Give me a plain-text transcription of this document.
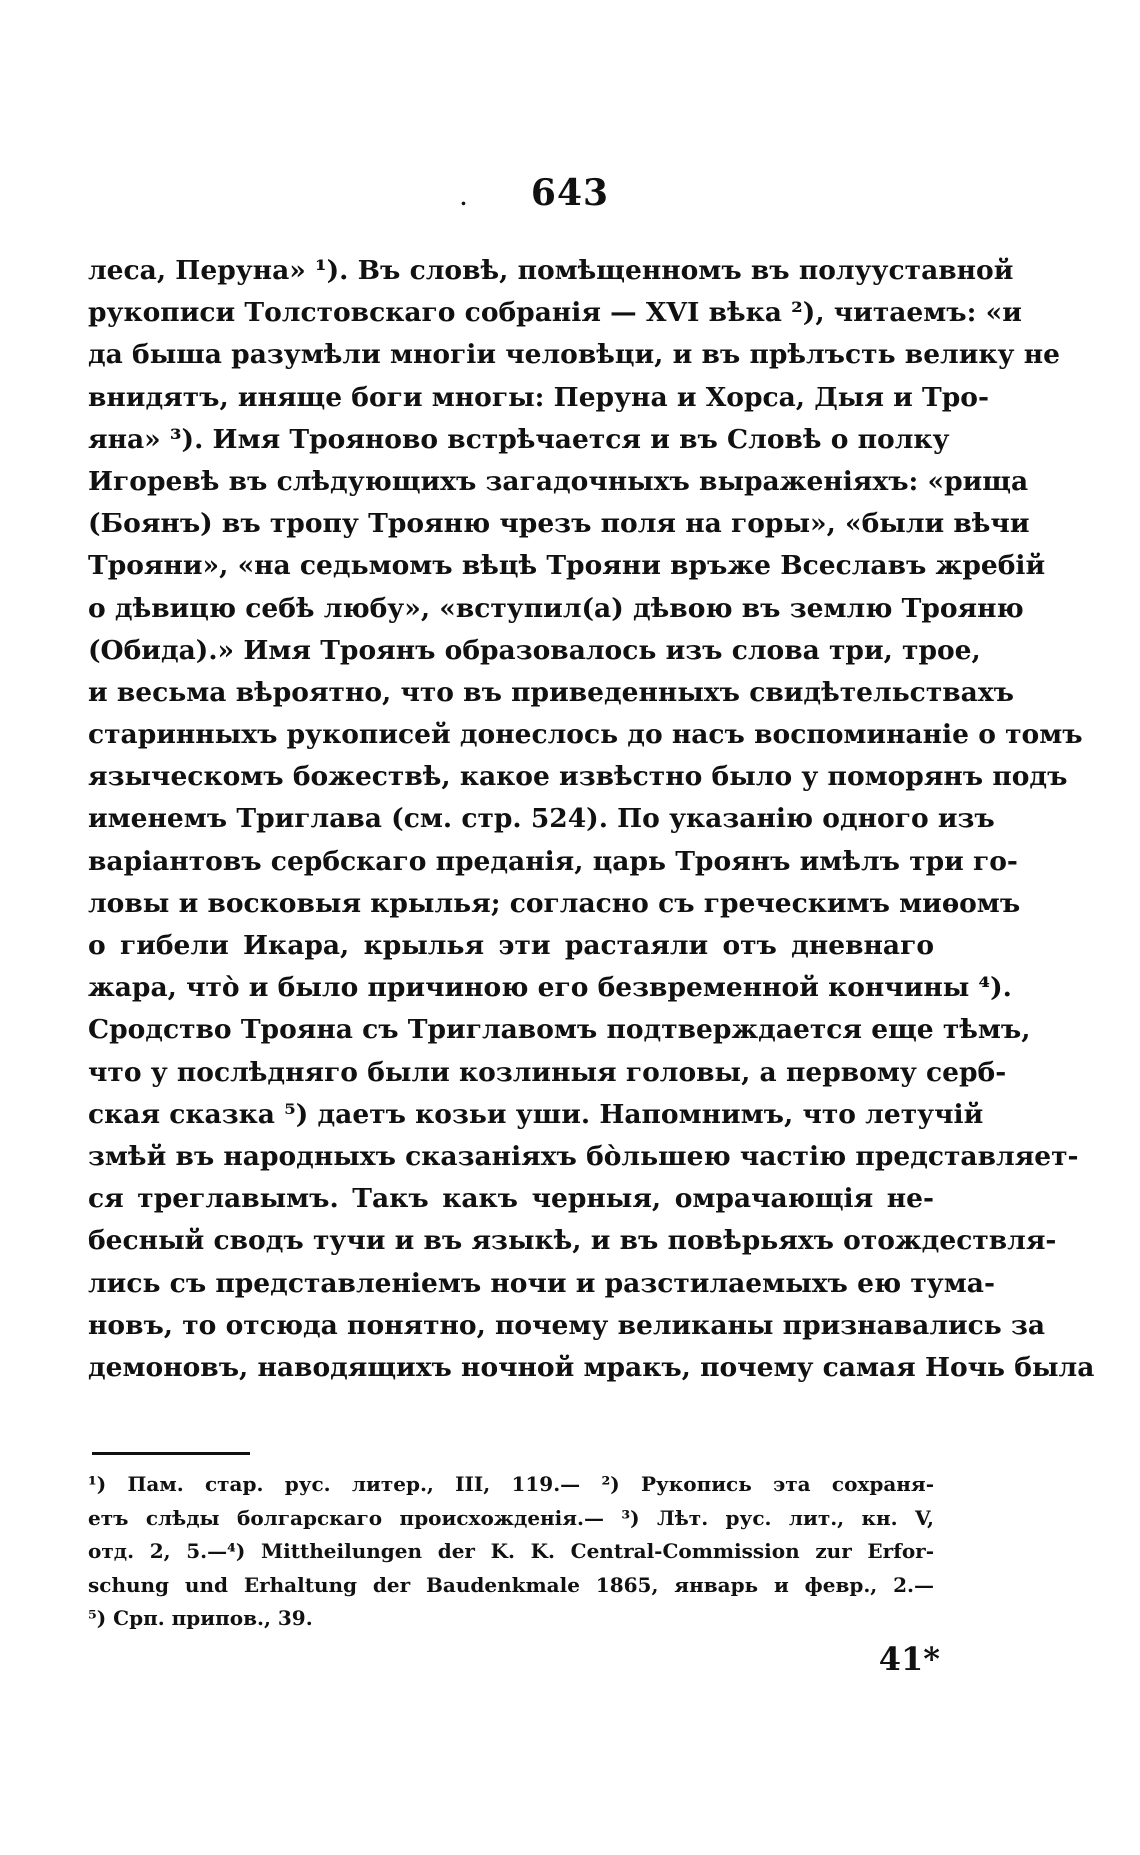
. 643
леса, Перуна» ¹). Въ словѣ, помѣщенномъ въ полууставной
рукописи Толстовскаго собранія — XVI вѣка ²), читаемъ: «и
да быша разумѣли многіи человѣци, и въ прѣлъсть велику не
внидятъ, иняще боги многы: Перуна и Хорса, Дыя и Тро-
яна» ³). Имя Трояново встрѣчается и въ Словѣ о полку
Игоревѣ въ слѣдующихъ загадочныхъ выраженіяхъ: «рища
(Боянъ) въ тропу Трояню чрезъ поля на горы», «были вѣчи
Трояни», «на седьмомъ вѣцѣ Трояни връже Всеславъ жребій
о дѣвицю себѣ любу», «вступил(а) дѣвою въ землю Трояню
(Обида).» Имя Троянъ образовалось изъ слова три, трое,
и весьма вѣроятно, что въ приведенныхъ свидѣтельствахъ
старинныхъ рукописей донеслось до насъ воспоминаніе о томъ
языческомъ божествѣ, какое извѣстно было у поморянъ подъ
именемъ Триглава (см. стр. 524). По указанію одного изъ
варіантовъ сербскаго преданія, царь Троянъ имѣлъ три го-
ловы и восковыя крылья; согласно съ греческимъ миѳомъ
о гибели Икара, крылья эти растаяли отъ дневнаго
жара, что̀ и было причиною его безвременной кончины ⁴).
Сродство Трояна съ Триглавомъ подтверждается еще тѣмъ,
что у послѣдняго были козлиныя головы, а первому серб-
ская сказка ⁵) даетъ козьи уши. Напомнимъ, что летучій
змѣй въ народныхъ сказаніяхъ бо̀льшею частію представляет-
ся треглавымъ. Такъ какъ черныя, омрачающія не-
бесный сводъ тучи и въ языкѣ, и въ повѣрьяхъ отождествля-
лись съ представленіемъ ночи и разстилаемыхъ ею тума-
новъ, то отсюда понятно, почему великаны признавались за
демоновъ, наводящихъ ночной мракъ, почему самая Ночь была
¹) Пам. стар. рус. литер., III, 119.— ²) Рукопись эта сохраня-
етъ слѣды болгарскаго происхожденія.— ³) Лѣт. рус. лит., кн. V,
отд. 2, 5.—⁴) Mittheilungen der K. K. Central-Commission zur Erfor-
schung und Erhaltung der Baudenkmale 1865, январь и февр., 2.—
⁵) Срп. припов., 39.
41*
